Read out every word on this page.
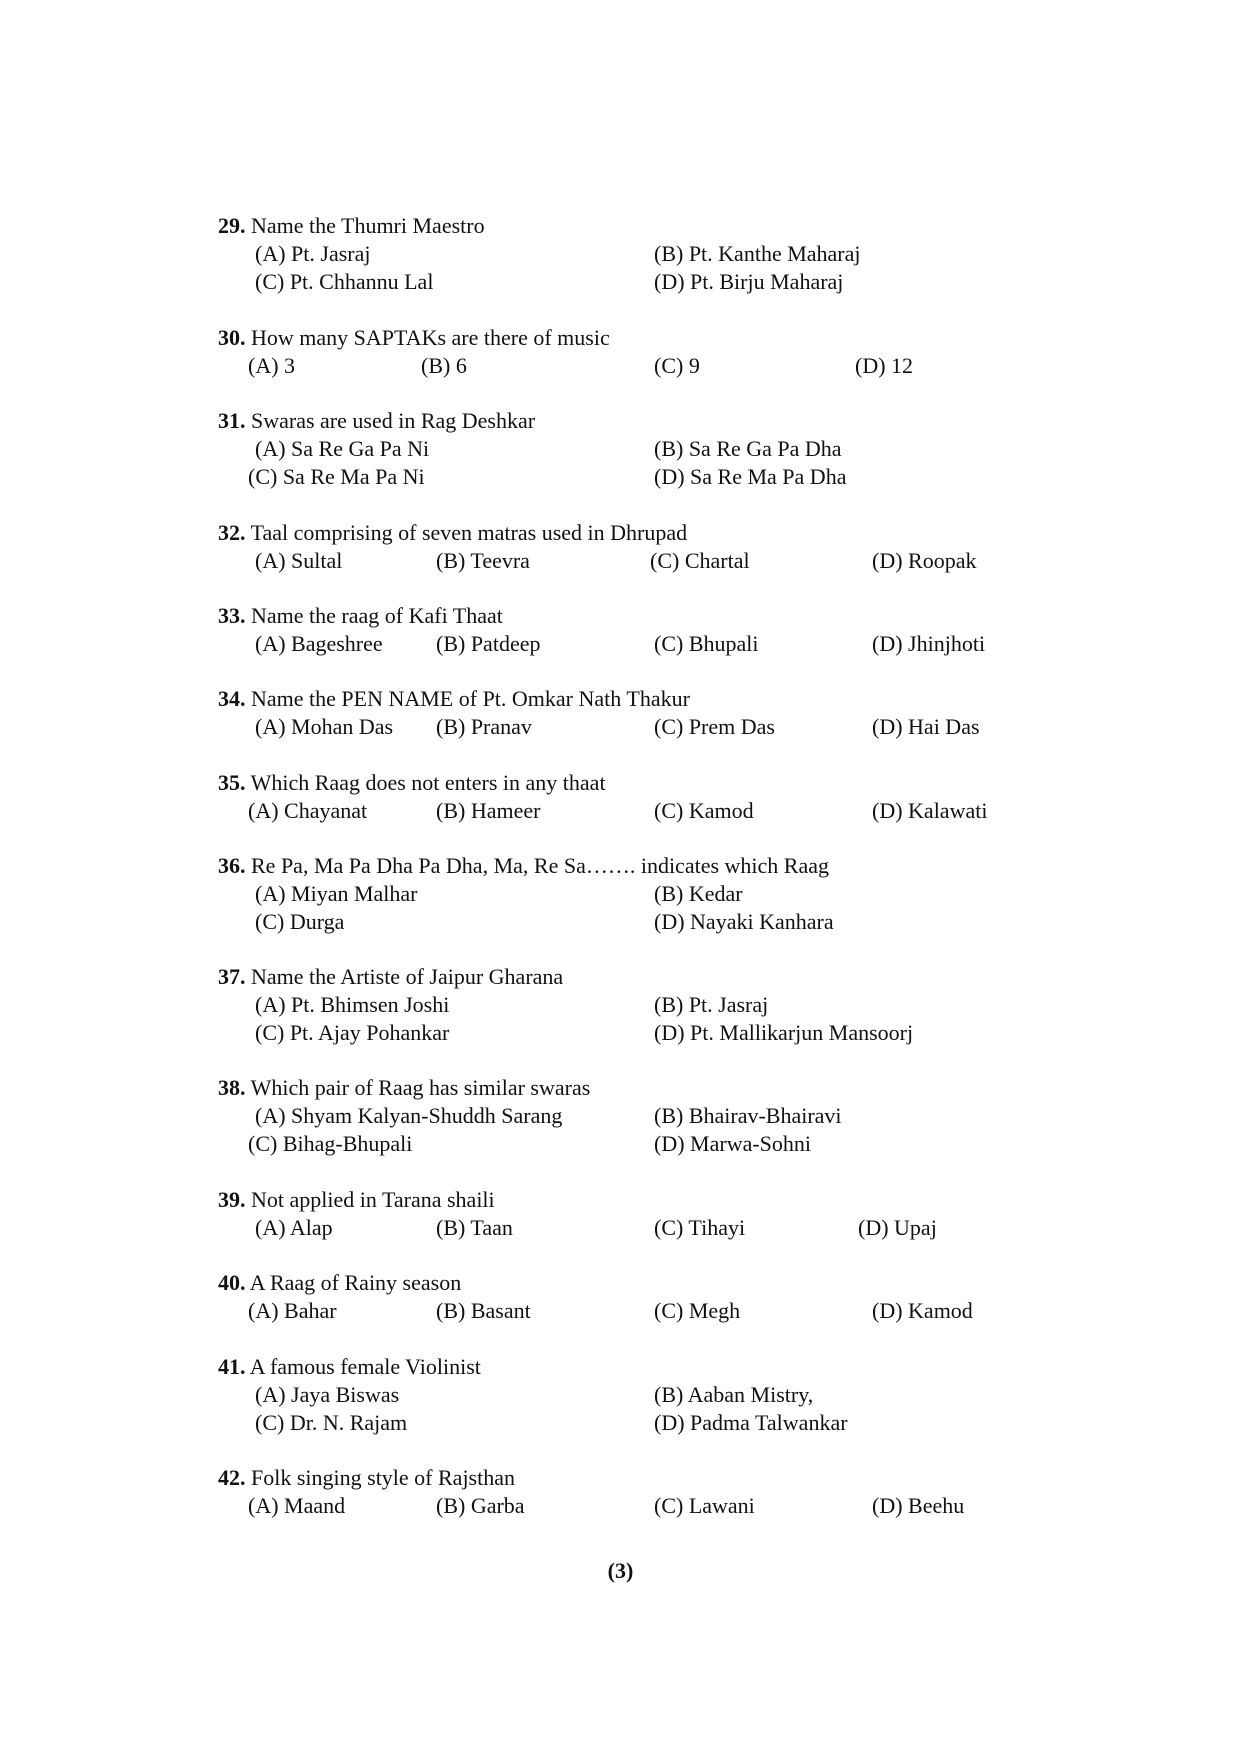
29. Name the Thumri Maestro
(A) Pt. Jasraj	(B) Pt. Kanthe Maharaj
(C) Pt. Chhannu Lal	(D) Pt. Birju Maharaj
30. How many SAPTAKs are there of music
(A) 3	(B) 6	(C) 9	(D) 12
31. Swaras are used in Rag Deshkar
(A) Sa Re Ga Pa Ni	(B) Sa Re Ga Pa Dha
(C) Sa Re Ma Pa Ni	(D) Sa Re Ma Pa Dha
32. Taal comprising of seven matras used in Dhrupad
(A) Sultal	(B) Teevra	(C) Chartal	(D) Roopak
33. Name the raag of Kafi Thaat
(A) Bageshree (B) Patdeep	(C) Bhupali	(D) Jhinjhoti
34. Name the PEN NAME of Pt. Omkar Nath Thakur
(A) Mohan Das (B) Pranav	(C) Prem Das	(D) Hai Das
35. Which Raag does not enters in any thaat
(A) Chayanat	(B) Hameer	(C) Kamod	(D) Kalawati
36. Re Pa, Ma Pa Dha Pa Dha, Ma, Re Sa……. indicates which Raag
(A) Miyan Malhar	(B) Kedar
(C) Durga	(D) Nayaki Kanhara
37. Name the Artiste of Jaipur Gharana
(A) Pt. Bhimsen Joshi	(B) Pt. Jasraj
(C) Pt. Ajay Pohankar	(D) Pt. Mallikarjun Mansoorj
38. Which pair of Raag has similar swaras
(A) Shyam Kalyan-Shuddh Sarang	(B) Bhairav-Bhairavi
(C) Bihag-Bhupali	(D) Marwa-Sohni
39. Not applied in Tarana shaili
(A) Alap	(B) Taan	(C) Tihayi	(D) Upaj
40. A Raag of Rainy season
(A) Bahar	(B) Basant	(C) Megh	(D) Kamod
41. A famous female Violinist
(A) Jaya Biswas	(B) Aaban Mistry,
(C) Dr. N. Rajam	(D) Padma Talwankar
42. Folk singing style of Rajsthan
(A) Maand	(B) Garba	(C) Lawani	(D) Beehu
(3)
